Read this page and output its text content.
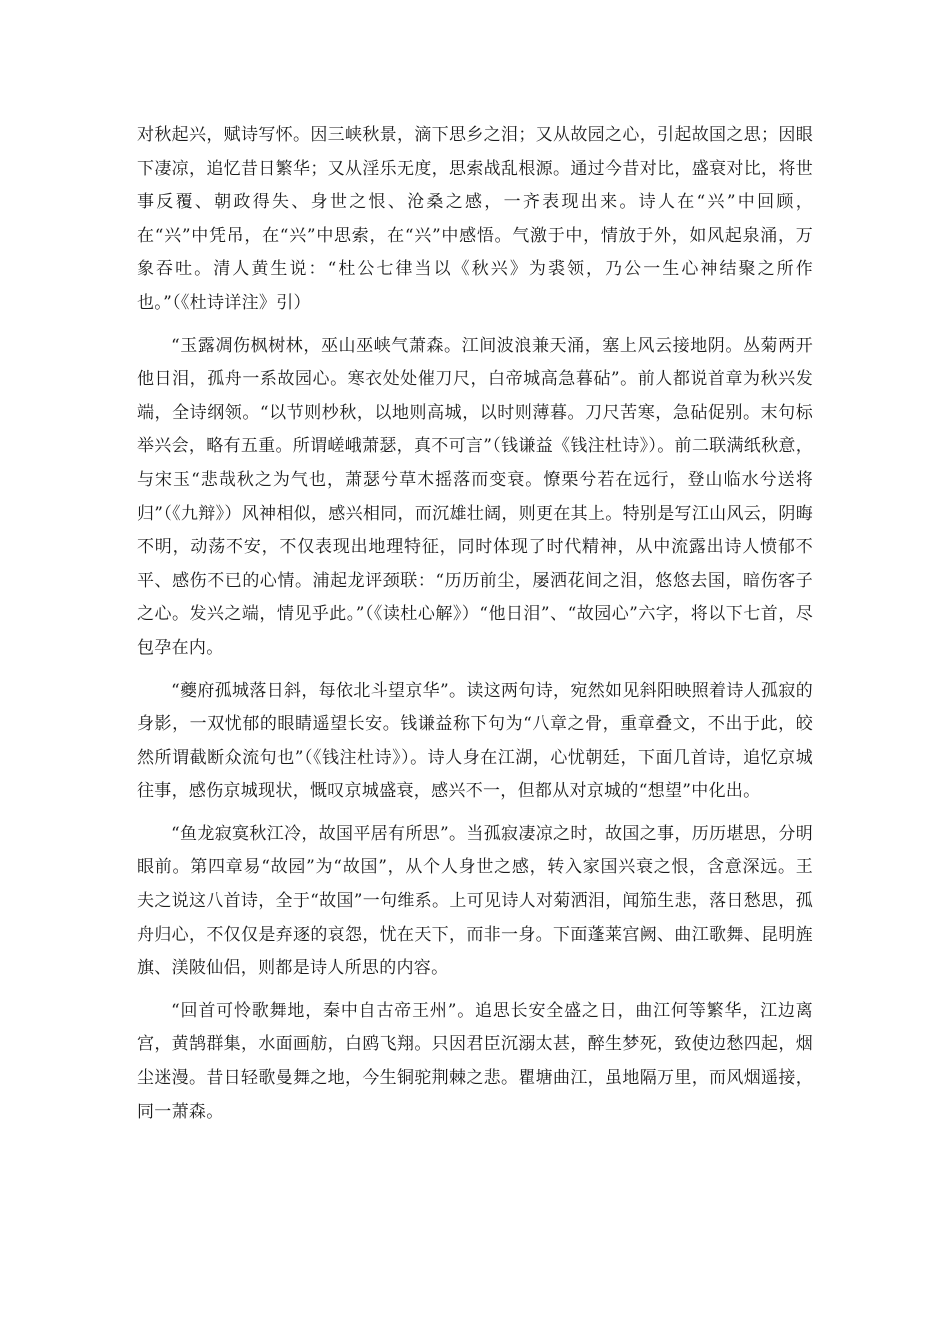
对秋起兴，赋诗写怀。因三峡秋景，滴下思乡之泪；又从故园之心，引起故国之思；因眼下凄凉，追忆昔日繁华；又从淫乐无度，思索战乱根源。通过今昔对比，盛衰对比，将世事反覆、朝政得失、身世之恨、沧桑之感，一齐表现出来。诗人在“兴”中回顾，在“兴”中凭吊，在“兴”中思索，在“兴”中感悟。气激于中，情放于外，如风起泉涌，万象吞吐。清人黄生说：“杜公七律当以《秋兴》为裘领，乃公一生心神结聚之所作也。”（《杜诗详注》引）

“玉露凋伤枫树林，巫山巫峡气萧森。江间波浪兼天涌，塞上风云接地阴。丛菊两开他日泪，孤舟一系故园心。寒衣处处催刀尺，白帝城高急暮砧”。前人都说首章为秋兴发端，全诗纲领。“以节则杪秋，以地则高城，以时则薄暮。刀尺苦寒，急砧促别。末句标举兴会，略有五重。所谓嵯峨萧瑟，真不可言”（钱谦益《钱注杜诗》）。前二联满纸秋意，与宋玉“悲哉秋之为气也，萧瑟兮草木摇落而变衰。憭栗兮若在远行，登山临水兮送将归”（《九辩》）风神相似，感兴相同，而沉雄壮阔，则更在其上。特别是写江山风云，阴晦不明，动荡不安，不仅表现出地理特征，同时体现了时代精神，从中流露出诗人愤郁不平、感伤不已的心情。浦起龙评颈联：“历历前尘，屡洒花间之泪，悠悠去国，暗伤客子之心。发兴之端，情见乎此。”（《读杜心解》）“他日泪”、“故园心”六字，将以下七首，尽包孕在内。

“夔府孤城落日斜，每依北斗望京华”。读这两句诗，宛然如见斜阳映照着诗人孤寂的身影，一双忧郁的眼睛遥望长安。钱谦益称下句为“八章之骨，重章叠文，不出于此，皎然所谓截断众流句也”（《钱注杜诗》）。诗人身在江湖，心忧朝廷，下面几首诗，追忆京城往事，感伤京城现状，慨叹京城盛衰，感兴不一，但都从对京城的“想望”中化出。

“鱼龙寂寞秋江冷，故国平居有所思”。当孤寂凄凉之时，故国之事，历历堪思，分明眼前。第四章易“故园”为“故国”，从个人身世之感，转入家国兴衰之恨，含意深远。王夫之说这八首诗，全于“故国”一句维系。上可见诗人对菊洒泪，闻笳生悲，落日愁思，孤舟归心，不仅仅是弃逐的哀怨，忧在天下，而非一身。下面蓬莱宫阙、曲江歌舞、昆明旌旗、渼陂仙侣，则都是诗人所思的内容。

“回首可怜歌舞地，秦中自古帝王州”。追思长安全盛之日，曲江何等繁华，江边离宫，黄鹄群集，水面画舫，白鸥飞翔。只因君臣沉溺太甚，醉生梦死，致使边愁四起，烟尘迷漫。昔日轻歌曼舞之地，今生铜驼荆棘之悲。瞿塘曲江，虽地隔万里，而风烟遥接，同一萧森。
